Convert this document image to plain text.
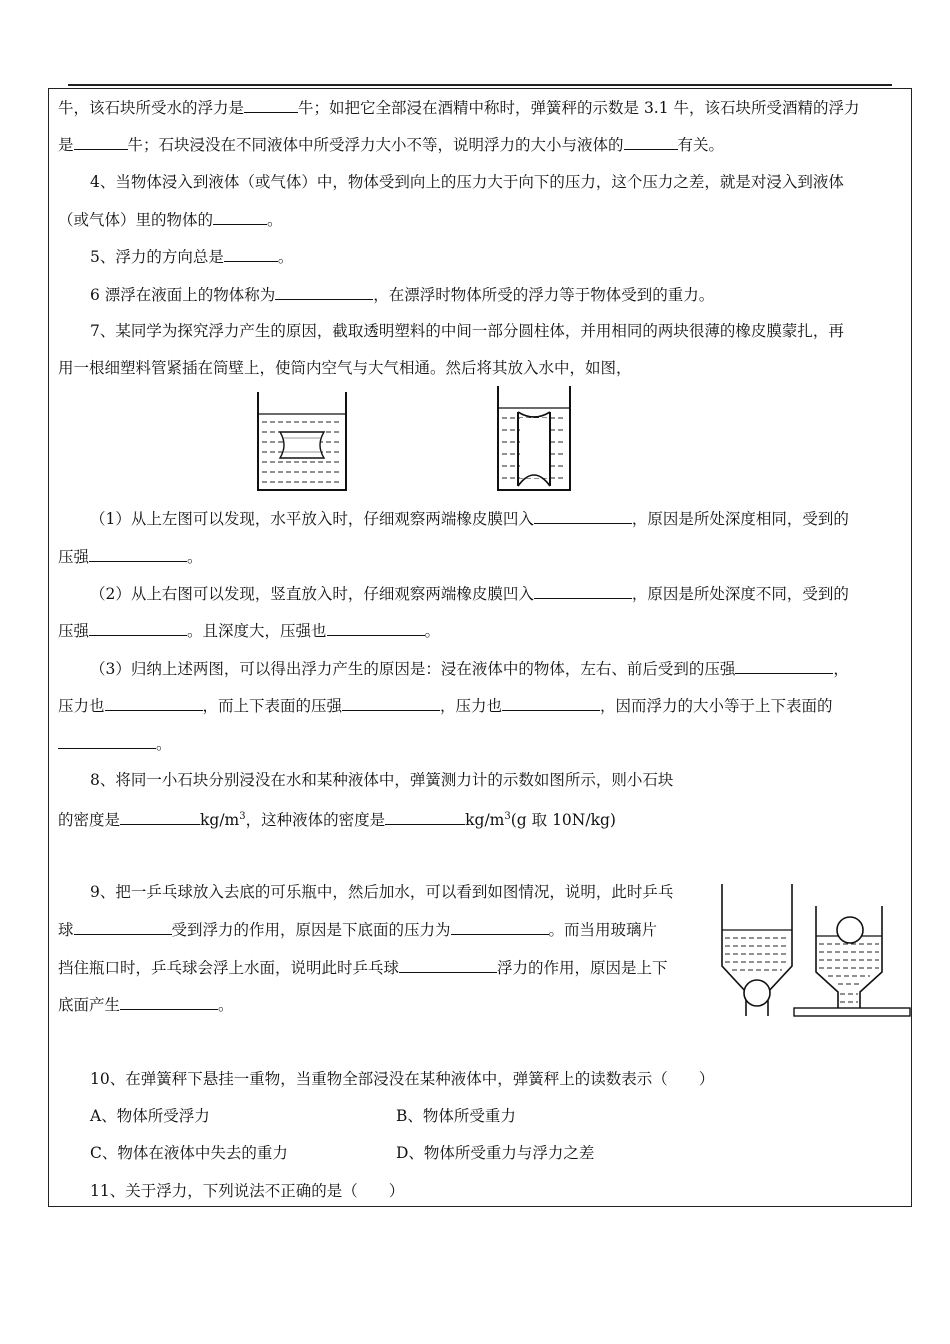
牛，该石块所受水的浮力是	牛；如把它全部浸在酒精中称时，弹簧秤的示数是 3.1 牛，该石块所受酒精的浮力
是	牛；石块浸没在不同液体中所受浮力大小不等，说明浮力的大小与液体的	有关。
4、当物体浸入到液体（或气体）中，物体受到向上的压力大于向下的压力，这个压力之差，就是对浸入到液体
（或气体）里的物体的	。
5、浮力的方向总是	。
6 漂浮在液面上的物体称为	，在漂浮时物体所受的浮力等于物体受到的重力。
7、某同学为探究浮力产生的原因，截取透明塑料的中间一部分圆柱体，并用相同的两块很薄的橡皮膜蒙扎，再
用一根细塑料管紧插在筒壁上，使筒内空气与大气相通。然后将其放入水中，如图，
（1）从上左图可以发现，水平放入时，仔细观察两端橡皮膜凹入	，原因是所处深度相同，受到的
压强	。
（2）从上右图可以发现，竖直放入时，仔细观察两端橡皮膜凹入	，原因是所处深度不同，受到的
压强	。且深度大，压强也	。
（3）归纳上述两图，可以得出浮力产生的原因是：浸在液体中的物体，左右、前后受到的压强	，
压力也	，而上下表面的压强	，压力也	，因而浮力的大小等于上下表面的
。
8、将同一小石块分别浸没在水和某种液体中，弹簧测力计的示数如图所示，则小石块
的密度是	$kg/m^3$，这种液体的密度是	$kg/m^3(g$ 取 10N/kg)
9、把一乒乓球放入去底的可乐瓶中，然后加水，可以看到如图情况，说明，此时乒乓
球	受到浮力的作用，原因是下底面的压力为	。而当用玻璃片
挡住瓶口时，乒乓球会浮上水面，说明此时乒乓球	浮力的作用，原因是上下
底面产生	。
10、在弹簧秤下悬挂一重物，当重物全部浸没在某种液体中，弹簧秤上的读数表示（　　）
A、物体所受浮力	B、物体所受重力
C、物体在液体中失去的重力	D、物体所受重力与浮力之差
11、关于浮力，下列说法不正确的是（　　）
